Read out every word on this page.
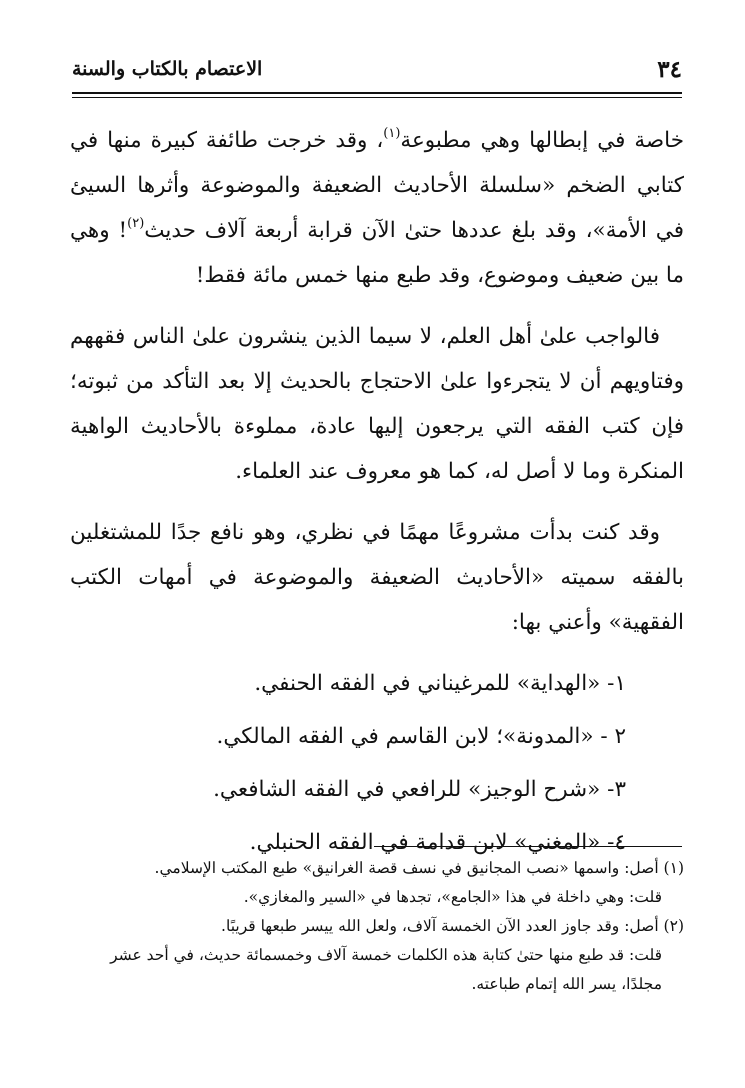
٣٤
الاعتصام بالكتاب والسنة

خاصة في إبطالها وهي مطبوعة$^{(١)}$، وقد خرجت طائفة كبيرة منها في كتابي الضخم «سلسلة الأحاديث الضعيفة والموضوعة وأثرها السيئ في الأمة»، وقد بلغ عددها حتىٰ الآن قرابة أربعة آلاف حديث$^{(٢)}$! وهي ما بين ضعيف وموضوع، وقد طبع منها خمس مائة فقط!

فالواجب علىٰ أهل العلم، لا سيما الذين ينشرون علىٰ الناس فقههم وفتاويهم أن لا يتجرءوا علىٰ الاحتجاج بالحديث إلا بعد التأكد من ثبوته؛ فإن كتب الفقه التي يرجعون إليها عادة، مملوءة بالأحاديث الواهية المنكرة وما لا أصل له، كما هو معروف عند العلماء.

وقد كنت بدأت مشروعًا مهمًا في نظري، وهو نافع جدًا للمشتغلين بالفقه سميته «الأحاديث الضعيفة والموضوعة في أمهات الكتب الفقهية» وأعني بها:

١- «الهداية» للمرغيناني في الفقه الحنفي.
٢ - «المدونة»؛ لابن القاسم في الفقه المالكي.
٣- «شرح الوجيز» للرافعي في الفقه الشافعي.
٤- «المغني» لابن قدامة في الفقه الحنبلي.

(١) أصل: واسمها «نصب المجانيق في نسف قصة الغرانيق» طبع المكتب الإسلامي.

قلت: وهي داخلة في هذا «الجامع»، تجدها في «السير والمغازي».

(٢) أصل: وقد جاوز العدد الآن الخمسة آلاف، ولعل الله ييسر طبعها قريبًا.

قلت: قد طبع منها حتىٰ كتابة هذه الكلمات خمسة آلاف وخمسمائة حديث، في أحد عشر مجلدًا، يسر الله إتمام طباعته.
